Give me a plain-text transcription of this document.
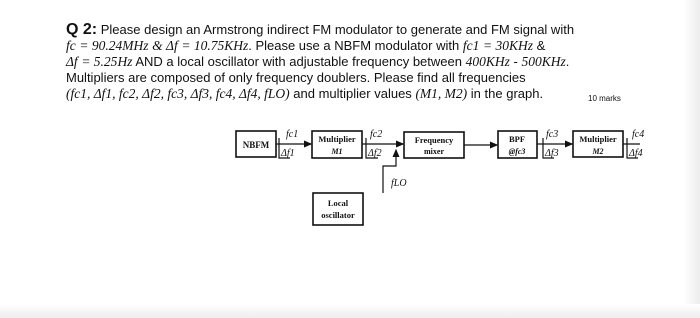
Q 2: Please design an Armstrong indirect FM modulator to generate and FM signal with
fc = 90.24MHz & Δf = 10.75KHz. Please use a NBFM modulator with fc1 = 30KHz &
Δf = 5.25Hz AND a local oscillator with adjustable frequency between 400KHz - 500KHz.
Multipliers are composed of only frequency doublers. Please find all frequencies
(fc1, Δf1, fc2, Δf2, fc3, Δf3, fc4, Δf4, fLO) and multiplier values (M1, M2) in the graph.	10 marks
NBFM
Multiplier
M1
Frequency
mixer
BPF
@fc3
Multiplier
M2
Local
oscillator
fc1
Δf1
fc2
Δf2
fLO
fc3
Δf3
fc4
Δf4
